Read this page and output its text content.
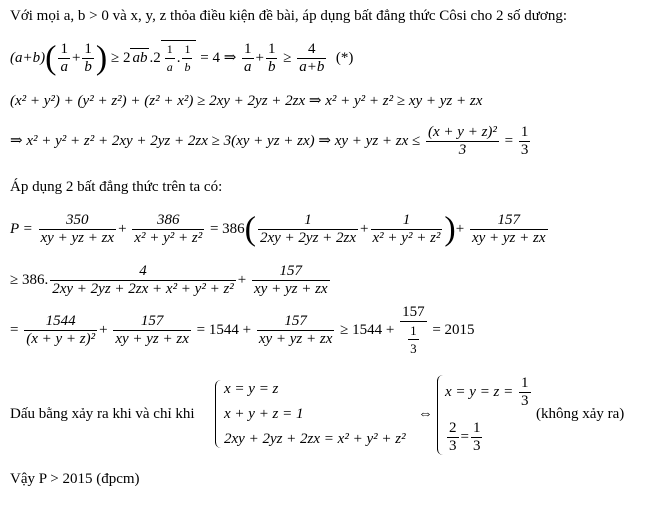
Với mọi a, b > 0 và x, y, z thỏa điều kiện đề bài, áp dụng bất đẳng thức Côsi cho 2 số dương:
$(a+b)( \frac{1}{a} + \frac{1}{b}$ ) ≥ 2 ab $.2 \frac{1}{a}$ . $\frac{1}{b} = 4$ ⇒ $\frac{1}{a} + \frac{1}{b} \ge \frac{4}{a+b}$ (*)
(x² + y²) + (y² + z²) + (z² + x²) ≥ 2xy + 2yz + 2zx ⇒ x² + y² + z² ≥ xy + yz + zx
⇒ x² + y² + z² + 2xy + 2yz + 2zx ≥ 3(xy + yz + zx) ⇒ xy + yz + zx ≤ $\frac{\text{(x + y + z)²}}{3} = \frac{1}{3}$
Áp dụng 2 bất đẳng thức trên ta có:
$P = \frac{350}{xy + yz + zx} + \frac{386}{\text{x² + y² + z²}} = 386( \frac{1}{2xy + 2yz + 2zx} + \frac{1}{\text{x² + y² + z²}}$ )+ $\frac{157}{xy + yz + zx}$
≥ 386. $\frac{4}{\text{2xy + 2yz + 2zx + x² + y² + z²}} + \frac{157}{xy + yz + zx}$
= $\frac{1544}{\text{(x + y + z)²}} + \frac{157}{xy + yz + zx} = 1544 + \frac{157}{xy + yz + zx} \ge 1544 + \frac{157}{\frac{1}{3}} = 2015$
Dấu bằng xảy ra khi và chỉ khi
x = y = z
x + y + z = 1
2xy + 2yz + 2zx = x² + y² + z²
⇔
$x = y = z = \frac{1}{3}$
$\frac{2}{3} = \frac{1}{3}$
(không xảy ra)
Vậy P > 2015 (đpcm)
